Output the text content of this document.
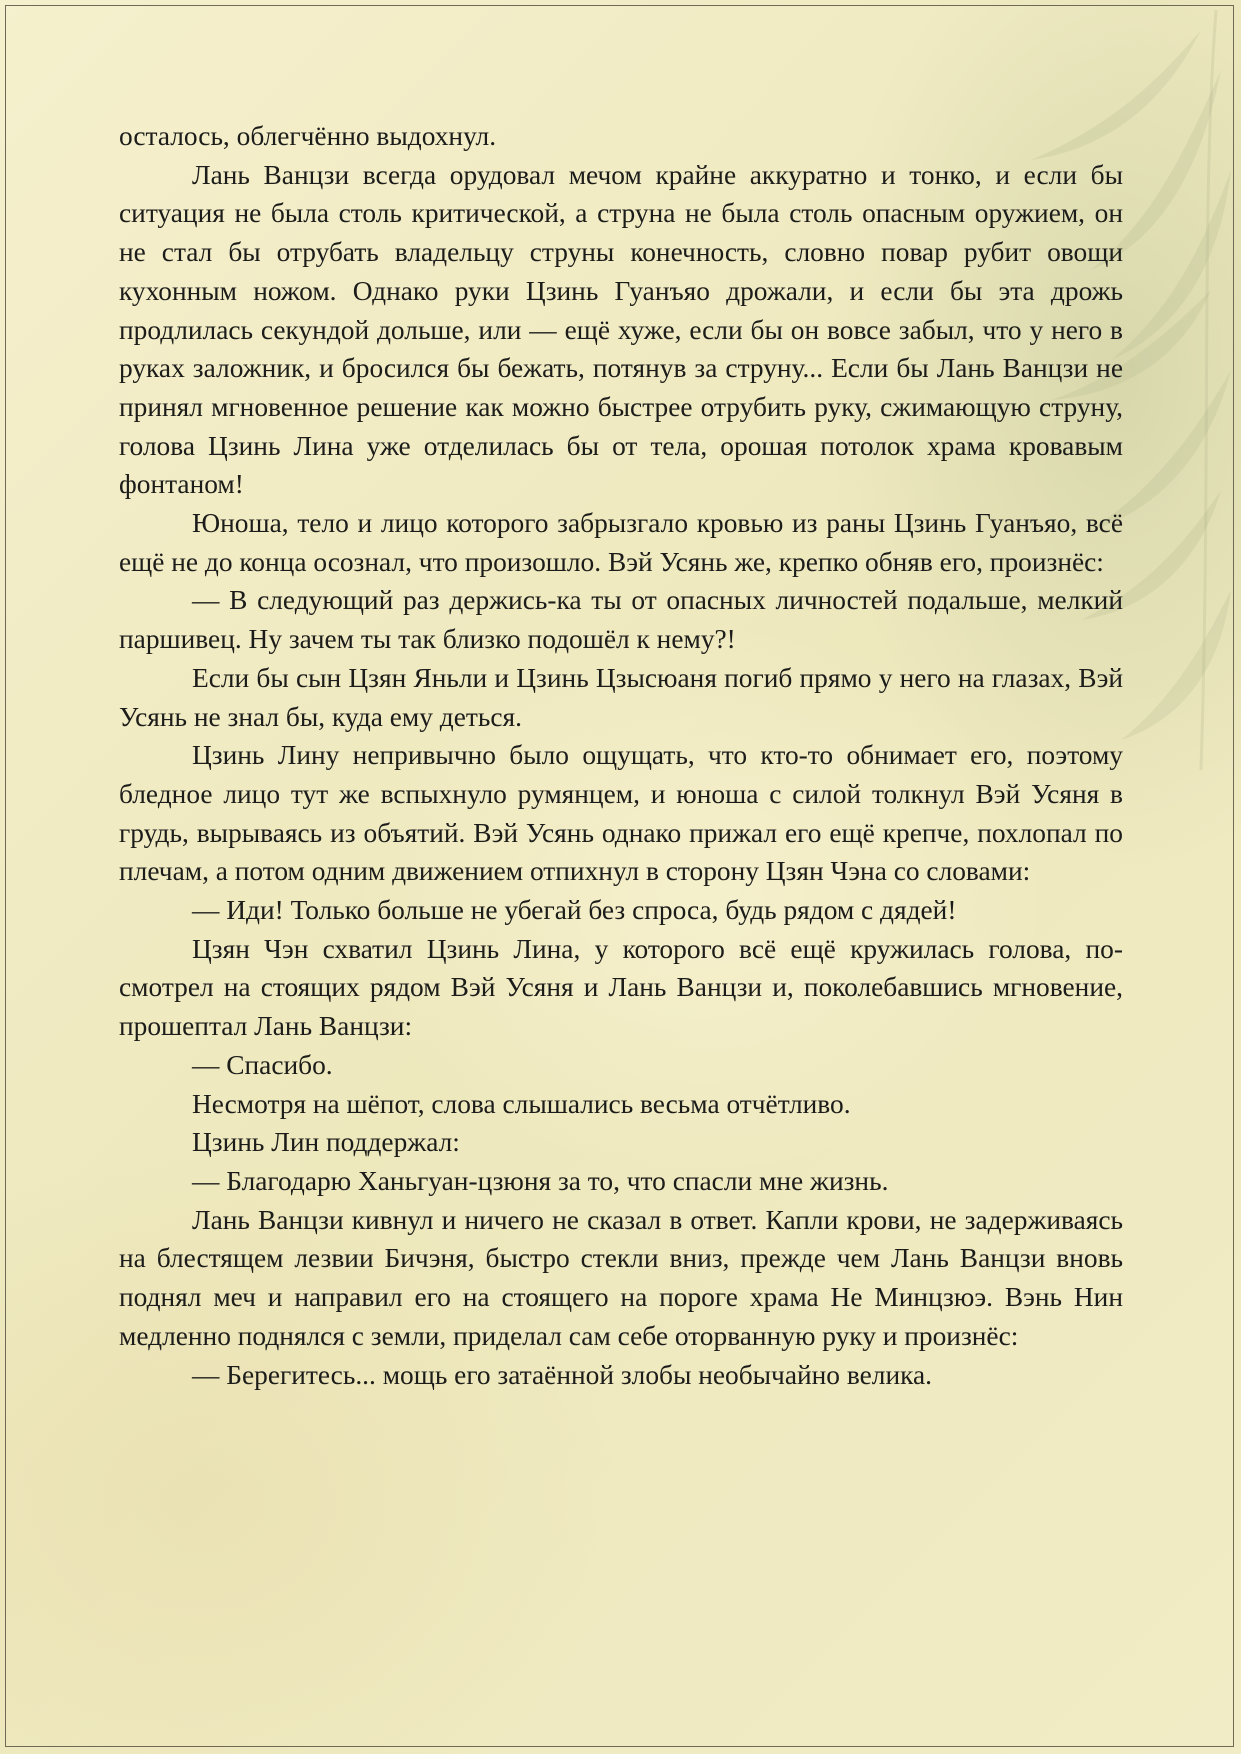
осталось, облегчённо выдохнул.

Лань Ванцзи всегда орудовал мечом крайне аккуратно и тонко, и если бы ситуация не была столь критической, а струна не была столь опасным оружием, он не стал бы отрубать владельцу струны конечность, словно повар рубит овощи кухонным ножом. Однако руки Цзинь Гуанъяо дрожали, и если бы эта дрожь продлилась секундой дольше, или — ещё хуже, если бы он вовсе забыл, что у него в руках заложник, и бросился бы бежать, потянув за струну... Если бы Лань Ванцзи не принял мгновенное решение как можно быстрее отрубить руку, сжимающую струну, голова Цзинь Лина уже отделилась бы от тела, орошая потолок храма кровавым фонтаном!

Юноша, тело и лицо которого забрызгало кровью из раны Цзинь Гуанъяо, всё ещё не до конца осознал, что произошло. Вэй Усянь же, крепко обняв его, произнёс:

— В следующий раз держись-ка ты от опасных личностей подальше, мелкий паршивец. Ну зачем ты так близко подошёл к нему?!

Если бы сын Цзян Яньли и Цзинь Цзысюаня погиб прямо у него на глазах, Вэй Усянь не знал бы, куда ему деться.

Цзинь Лину непривычно было ощущать, что кто-то обнимает его, поэтому бледное лицо тут же вспыхнуло румянцем, и юноша с силой толкнул Вэй Усяня в грудь, вырываясь из объятий. Вэй Усянь однако прижал его ещё крепче, похлопал по плечам, а потом одним движением отпихнул в сторону Цзян Чэна со словами:

— Иди! Только больше не убегай без спроса, будь рядом с дядей!

Цзян Чэн схватил Цзинь Лина, у которого всё ещё кружилась голова, посмотрел на стоящих рядом Вэй Усяня и Лань Ванцзи и, поколебавшись мгновение, прошептал Лань Ванцзи:

— Спасибо.

Несмотря на шёпот, слова слышались весьма отчётливо.

Цзинь Лин поддержал:

— Благодарю Ханьгуан-цзюня за то, что спасли мне жизнь.

Лань Ванцзи кивнул и ничего не сказал в ответ. Капли крови, не задерживаясь на блестящем лезвии Бичэня, быстро стекли вниз, прежде чем Лань Ванцзи вновь поднял меч и направил его на стоящего на пороге храма Не Минцзюэ. Вэнь Нин медленно поднялся с земли, приделал сам себе оторванную руку и произнёс:

— Берегитесь... мощь его затаённой злобы необычайно велика.
